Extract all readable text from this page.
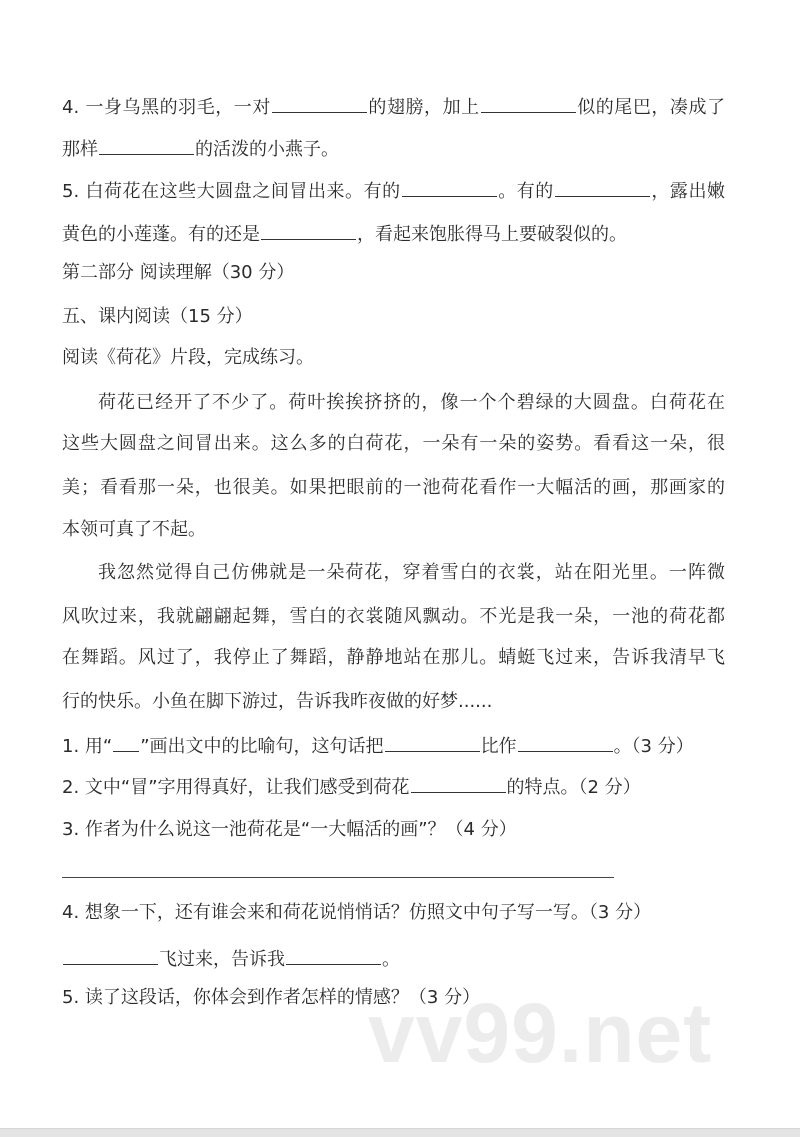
4. 一身乌黑的羽毛，一对	的翅膀，加上	似的尾巴，凑成了
那样	的活泼的小燕子。
5. 白荷花在这些大圆盘之间冒出来。有的	。有的	，露出嫩
黄色的小莲蓬。有的还是	，看起来饱胀得马上要破裂似的。
第二部分 阅读理解（30 分）
五、课内阅读（15 分）
阅读《荷花》片段，完成练习。
荷花已经开了不少了。荷叶挨挨挤挤的，像一个个碧绿的大圆盘。白荷花在
这些大圆盘之间冒出来。这么多的白荷花，一朵有一朵的姿势。看看这一朵，很
美；看看那一朵，也很美。如果把眼前的一池荷花看作一大幅活的画，那画家的
本领可真了不起。
我忽然觉得自己仿佛就是一朵荷花，穿着雪白的衣裳，站在阳光里。一阵微
风吹过来，我就翩翩起舞，雪白的衣裳随风飘动。不光是我一朵，一池的荷花都
在舞蹈。风过了，我停止了舞蹈，静静地站在那儿。蜻蜓飞过来，告诉我清早飞
行的快乐。小鱼在脚下游过，告诉我昨夜做的好梦......
1. 用“ ”画出文中的比喻句，这句话把	比作	。（3 分）
2. 文中“冒”字用得真好，让我们感受到荷花	的特点。（2 分）
3. 作者为什么说这一池荷花是“一大幅活的画”？（4 分）
4. 想象一下，还有谁会来和荷花说悄悄话？仿照文中句子写一写。（3 分）
飞过来，告诉我	。
5. 读了这段话，你体会到作者怎样的情感？（3 分）
vv99.net
